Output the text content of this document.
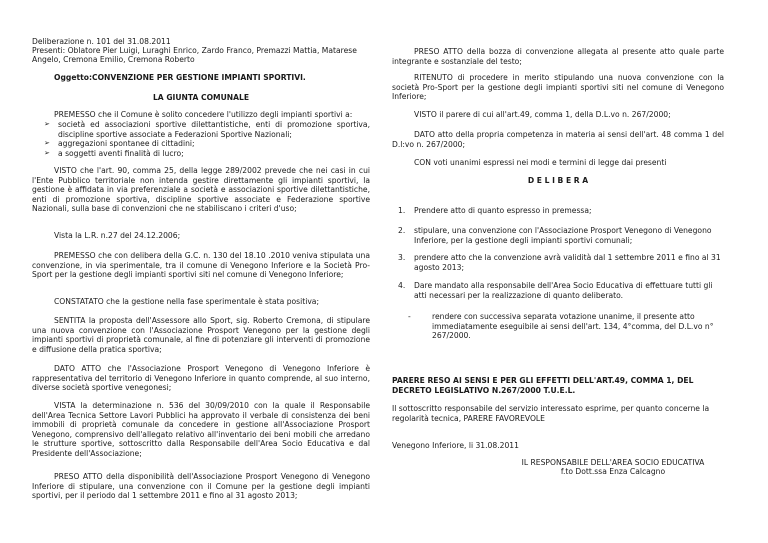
Deliberazione n. 101 del 31.08.2011
Presenti: Oblatore Pier Luigi, Luraghi Enrico, Zardo Franco, Premazzi Mattia, Matarese
Angelo, Cremona Emilio, Cremona Roberto
Oggetto:CONVENZIONE PER GESTIONE IMPIANTI SPORTIVI.
LA GIUNTA COMUNALE
PREMESSO che il Comune è solito concedere l'utilizzo degli impianti sportivi a:
➢ società ed associazioni sportive dilettantistiche, enti di promozione sportiva, discipline sportive associate a Federazioni Sportive Nazionali;
➢ aggregazioni spontanee di cittadini;
➢ a soggetti aventi finalità di lucro;
VISTO che l'art. 90, comma 25, della legge 289/2002 prevede che nei casi in cui l'Ente Pubblico territoriale non intenda gestire direttamente gli impianti sportivi, la gestione è affidata in via preferenziale a società e associazioni sportive dilettantistiche, enti di promozione sportiva, discipline sportive associate e Federazione sportive Nazionali, sulla base di convenzioni che ne stabiliscano i criteri d'uso;
Vista la L.R. n.27 del 24.12.2006;
PREMESSO che con delibera della G.C. n. 130 del 18.10 .2010 veniva stipulata una convenzione, in via sperimentale, tra il comune di Venegono Inferiore e la Società Pro-Sport per la gestione degli impianti sportivi siti nel comune di Venegono Inferiore;
CONSTATATO che la gestione nella fase sperimentale è stata positiva;
SENTITA la proposta dell'Assessore allo Sport, sig. Roberto Cremona, di stipulare una nuova convenzione con l'Associazione Prosport Venegono per la gestione degli impianti sportivi di proprietà comunale, al fine di potenziare gli interventi di promozione e diffusione della pratica sportiva;
DATO ATTO che l'Associazione Prosport Venegono di Venegono Inferiore è rappresentativa del territorio di Venegono Inferiore in quanto comprende, al suo interno, diverse società sportive venegonesi;
VISTA la determinazione n. 536 del 30/09/2010 con la quale il Responsabile dell'Area Tecnica Settore Lavori Pubblici ha approvato il verbale di consistenza dei beni immobili di proprietà comunale da concedere in gestione all'Associazione Prosport Venegono, comprensivo dell'allegato relativo all'inventario dei beni mobili che arredano le strutture sportive, sottoscritto dalla Responsabile dell'Area Socio Educativa e dal Presidente dell'Associazione;
PRESO ATTO della disponibilità dell'Associazione Prosport Venegono di Venegono Inferiore di stipulare, una convenzione con il Comune per la gestione degli impianti sportivi, per il periodo dal 1 settembre 2011 e fino al 31 agosto 2013;
PRESO ATTO della bozza di convenzione allegata al presente atto quale parte integrante e sostanziale del testo;
RITENUTO di procedere in merito stipulando una nuova convenzione con la società Pro-Sport per la gestione degli impianti sportivi siti nel comune di Venegono Inferiore;
VISTO il parere di cui all'art.49, comma 1, della D.L.vo n. 267/2000;
DATO atto della propria competenza in materia ai sensi dell'art. 48 comma 1 del D.l:vo n. 267/2000;
CON voti unanimi espressi nei modi e termini di legge dai presenti
D E L I B E R A
1. Prendere atto di quanto espresso in premessa;
2. stipulare, una convenzione con l'Associazione Prosport Venegono di Venegono Inferiore, per la gestione degli impianti sportivi comunali;
3. prendere atto che la convenzione avrà validità dal 1 settembre 2011 e fino al 31 agosto 2013;
4. Dare mandato alla responsabile dell'Area Socio Educativa di effettuare tutti gli atti necessari per la realizzazione di quanto deliberato.
-	rendere con successiva separata votazione unanime, il presente atto immediatamente eseguibile ai sensi dell'art. 134, 4°comma, del D.L.vo n° 267/2000.
PARERE RESO AI SENSI E PER GLI EFFETTI DELL'ART.49, COMMA 1, DEL DECRETO LEGISLATIVO N.267/2000 T.U.E.L.
Il sottoscritto responsabile del servizio interessato esprime, per quanto concerne la regolarità tecnica, PARERE FAVOREVOLE
Venegono Inferiore, li 31.08.2011
IL RESPONSABILE DELL'AREA SOCIO EDUCATIVA
f.to Dott.ssa Enza Calcagno
